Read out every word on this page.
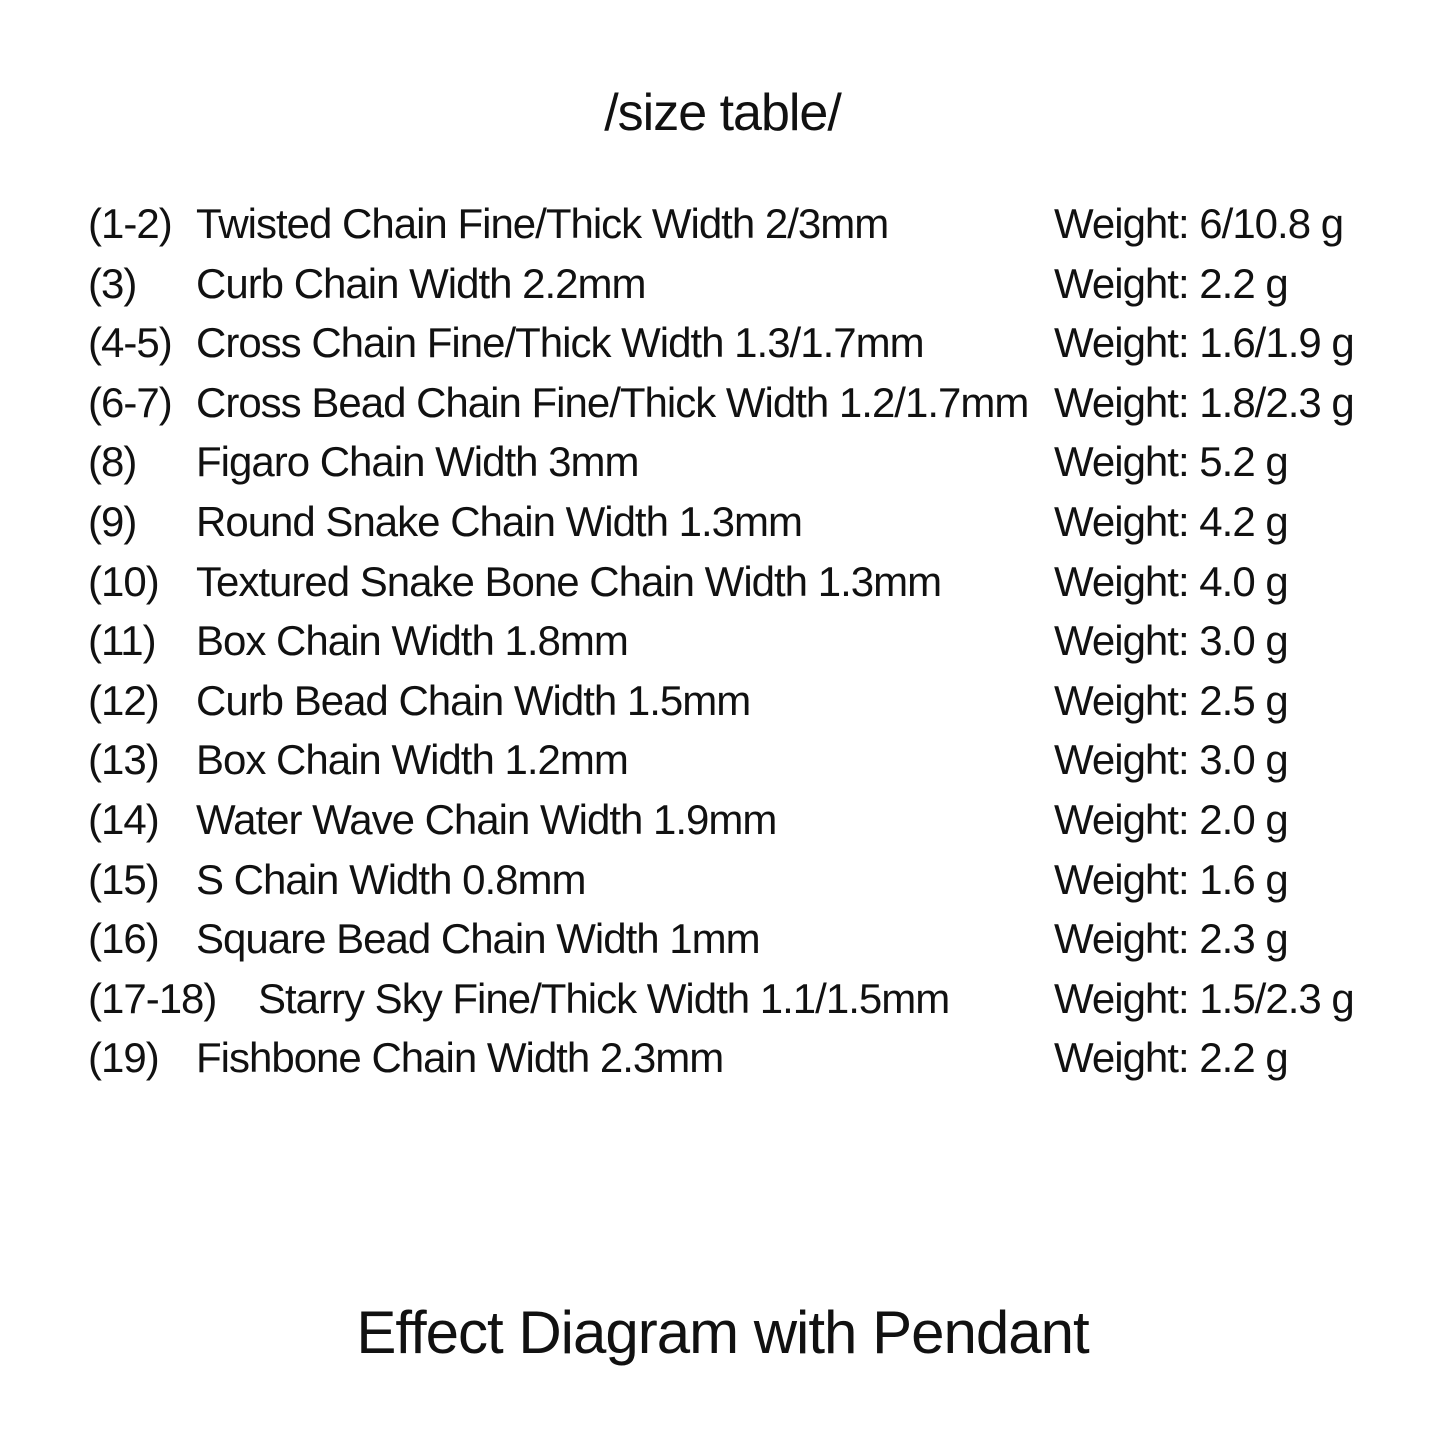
/size table/
(1-2) Twisted Chain Fine/Thick Width 2/3mm	Weight: 6/10.8 g
(3) Curb Chain Width 2.2mm	Weight: 2.2 g
(4-5) Cross Chain Fine/Thick Width 1.3/1.7mm	Weight: 1.6/1.9 g
(6-7) Cross Bead Chain Fine/Thick Width 1.2/1.7mm Weight: 1.8/2.3 g
(8) Figaro Chain Width 3mm	Weight: 5.2 g
(9) Round Snake Chain Width 1.3mm	Weight: 4.2 g
(10) Textured Snake Bone Chain Width 1.3mm	Weight: 4.0 g
(11) Box Chain Width 1.8mm	Weight: 3.0 g
(12) Curb Bead Chain Width 1.5mm	Weight: 2.5 g
(13) Box Chain Width 1.2mm	Weight: 3.0 g
(14) Water Wave Chain Width 1.9mm	Weight: 2.0 g
(15) S Chain Width 0.8mm	Weight: 1.6 g
(16) Square Bead Chain Width 1mm	Weight: 2.3 g
(17-18) Starry Sky Fine/Thick Width 1.1/1.5mm Weight: 1.5/2.3 g
(19) Fishbone Chain Width 2.3mm	Weight: 2.2 g
Effect Diagram with Pendant
